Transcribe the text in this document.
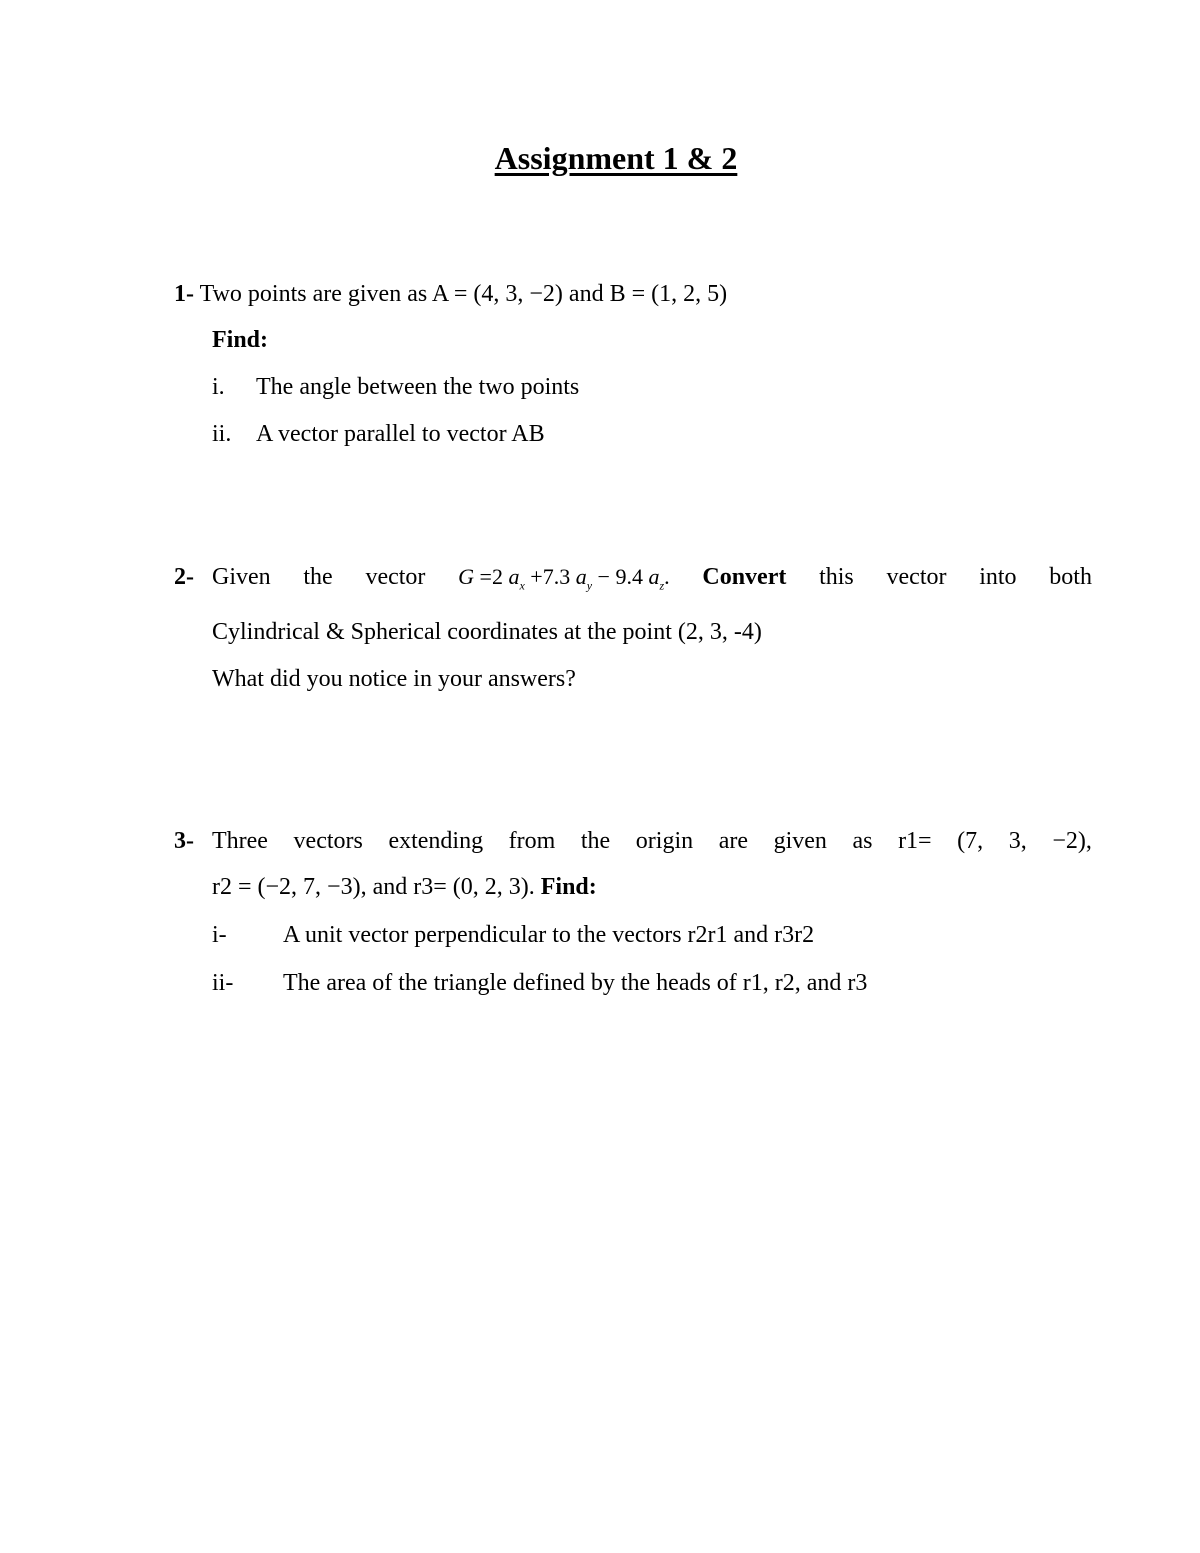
Assignment 1 & 2
1- Two points are given as A = (4, 3, −2) and B = (1, 2, 5)
Find:
i. The angle between the two points
ii. A vector parallel to vector AB
2- Given the vector G =2 $a_x +7.3$ $a_y - 9.4$ $a_z$. Convert this vector into both
Cylindrical & Spherical coordinates at the point (2, 3, -4)
What did you notice in your answers?
3- Three vectors extending from the origin are given as r1= (7, 3, −2),
r2 = (−2, 7, −3), and r3= (0, 2, 3). Find:
i- A unit vector perpendicular to the vectors r2r1 and r3r2
ii- The area of the triangle defined by the heads of r1, r2, and r3
